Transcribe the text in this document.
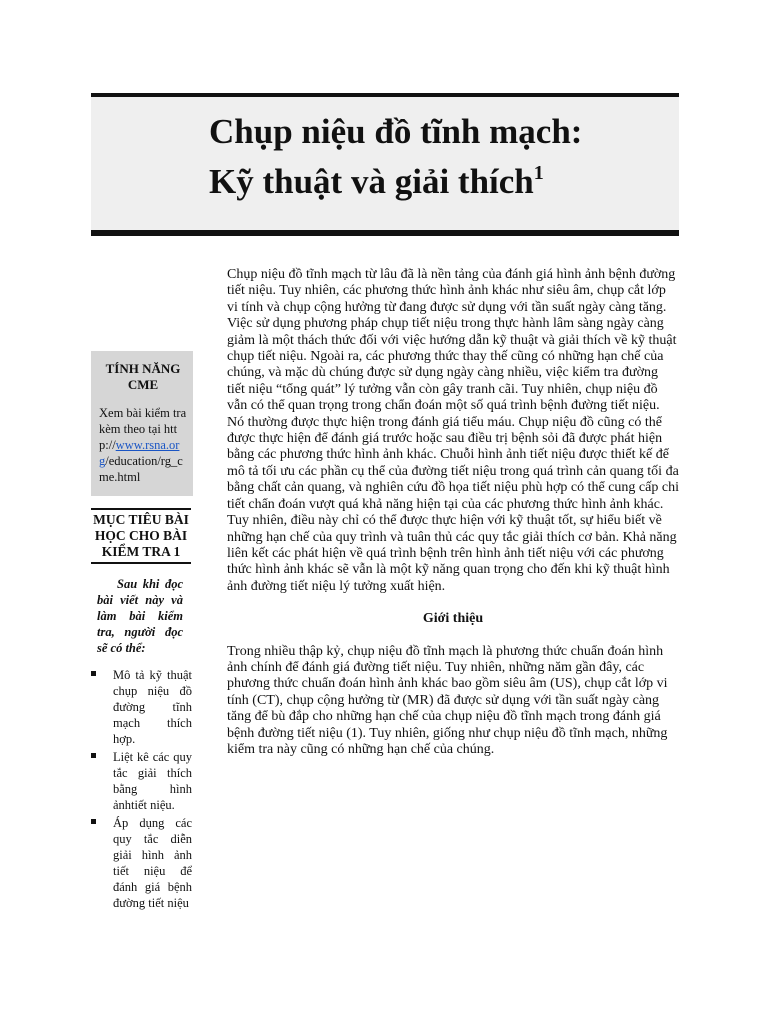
Chụp niệu đồ tĩnh mạch:
Kỹ thuật và giải thích$^1$
TÍNH NĂNG CME
Xem bài kiểm tra kèm theo tại http://www.rsna.org/education/rg_cme.html
MỤC TIÊU BÀI HỌC CHO BÀI KIỂM TRA 1
Sau khi đọc bài viết này và làm bài kiểm tra, người đọc sẽ có thể:
Mô tả kỹ thuật chụp niệu đồ đường tĩnh mạch thích hợp.
Liệt kê các quy tắc giải thích bằng hình ảnhtiết niệu.
Áp dụng các quy tắc diễn giải hình ảnh tiết niệu để đánh giá bệnh đường tiết niệu

Chụp niệu đồ tĩnh mạch từ lâu đã là nền tảng của đánh giá hình ảnh bệnh đường tiết niệu. Tuy nhiên, các phương thức hình ảnh khác như siêu âm, chụp cắt lớp vi tính và chụp cộng hưởng từ đang được sử dụng với tần suất ngày càng tăng. Việc sử dụng phương pháp chụp tiết niệu trong thực hành lâm sàng ngày càng giảm là một thách thức đối với việc hướng dẫn kỹ thuật và giải thích về kỹ thuật chụp tiết niệu. Ngoài ra, các phương thức thay thế cũng có những hạn chế của chúng, và mặc dù chúng được sử dụng ngày càng nhiều, việc kiểm tra đường tiết niệu “tổng quát” lý tưởng vẫn còn gây tranh cãi. Tuy nhiên, chụp niệu đồ vẫn có thể quan trọng trong chẩn đoán một số quá trình bệnh đường tiết niệu. Nó thường được thực hiện trong đánh giá tiểu máu. Chụp niệu đồ cũng có thể được thực hiện để đánh giá trước hoặc sau điều trị bệnh sỏi đã được phát hiện bằng các phương thức hình ảnh khác. Chuỗi hình ảnh tiết niệu được thiết kế để mô tả tối ưu các phần cụ thể của đường tiết niệu trong quá trình cản quang tối đa bằng chất cản quang, và nghiên cứu đồ họa tiết niệu phù hợp có thể cung cấp chi tiết chẩn đoán vượt quá khả năng hiện tại của các phương thức hình ảnh khác. Tuy nhiên, điều này chỉ có thể được thực hiện với kỹ thuật tốt, sự hiểu biết về những hạn chế của quy trình và tuân thủ các quy tắc giải thích cơ bản. Khả năng liên kết các phát hiện về quá trình bệnh trên hình ảnh tiết niệu với các phương thức hình ảnh khác sẽ vẫn là một kỹ năng quan trọng cho đến khi kỹ thuật hình ảnh đường tiết niệu lý tưởng xuất hiện.

Giới thiệu

Trong nhiều thập kỷ, chụp niệu đồ tĩnh mạch là phương thức chuẩn đoán hình ảnh chính để đánh giá đường tiết niệu. Tuy nhiên, những năm gần đây, các phương thức chuẩn đoán hình ảnh khác bao gồm siêu âm (US), chụp cắt lớp vi tính (CT), chụp cộng hưởng từ (MR) đã được sử dụng với tần suất ngày càng tăng để bù đắp cho những hạn chế của chụp niệu đồ tĩnh mạch trong đánh giá bệnh đường tiết niệu (1). Tuy nhiên, giống như chụp niệu đồ tĩnh mạch, những kiểm tra này cũng có những hạn chế của chúng.
